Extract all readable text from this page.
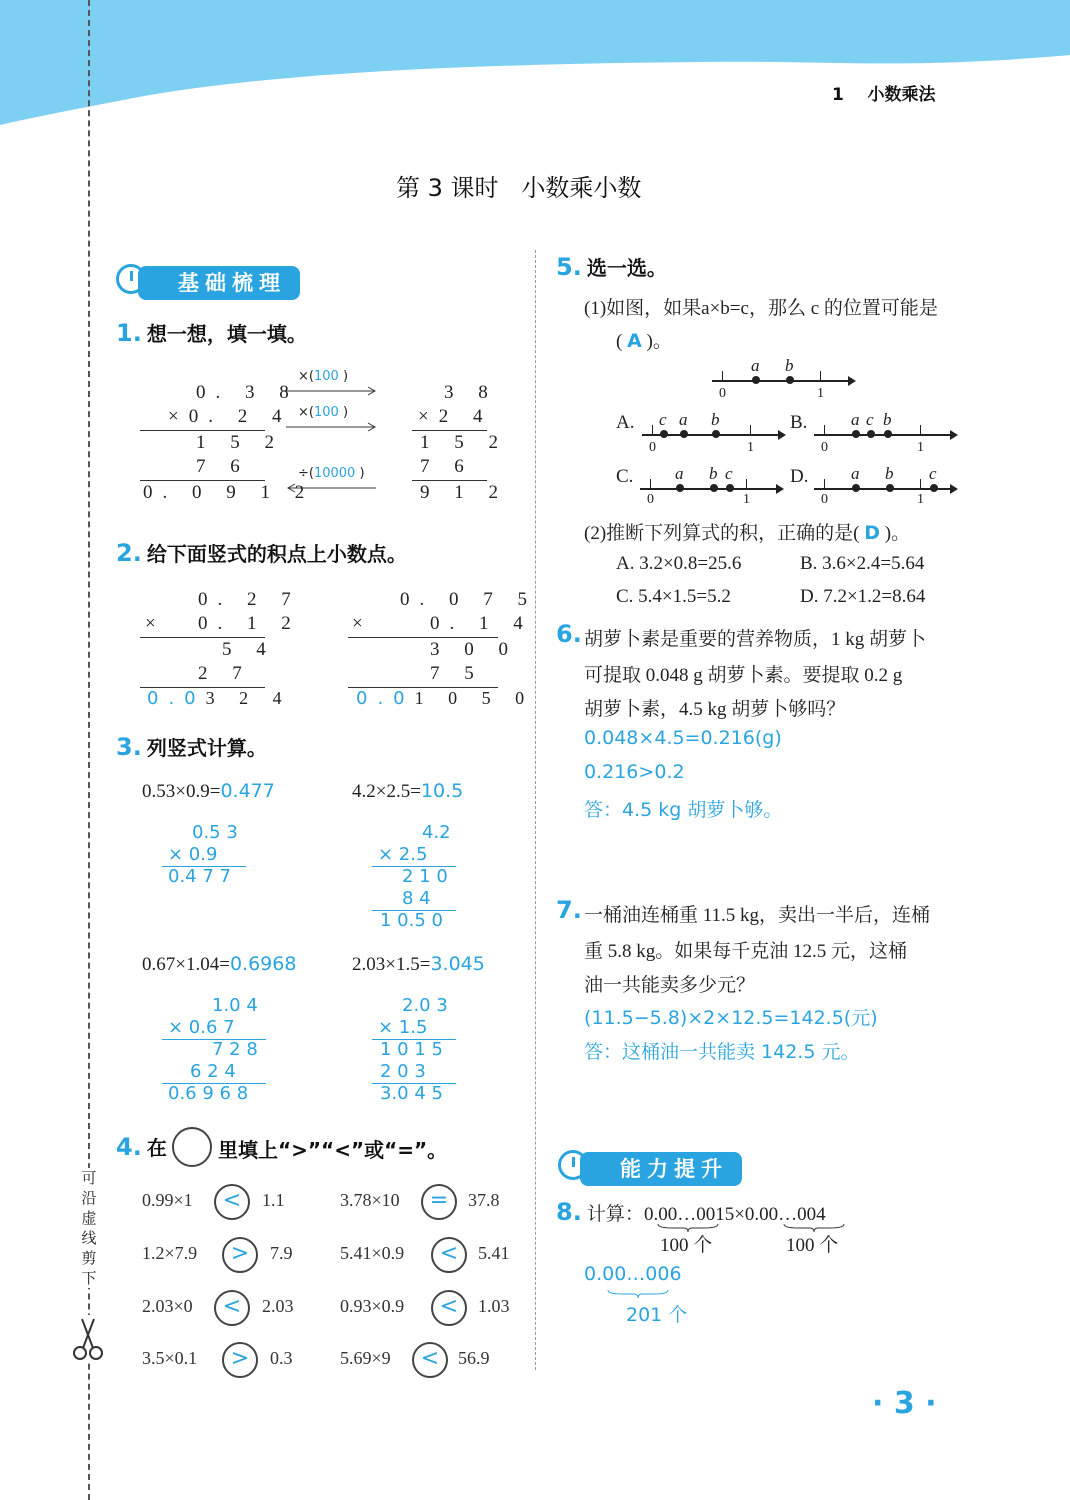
1 小数乘法
可
沿
虚
线
剪
下
第 3 课时 小数乘小数
基础梳理
1. 想一想，填一填。
0. 3 8
×0. 2 4
1 5 2
7 6
0. 0 9 1 2
×(100 )
×(100 )
÷(10000 )
3 8
×2 4
1 5 2
7 6
9 1 2
2. 给下面竖式的积点上小数点。
0. 2 7
× 0. 1 2
5 4
2 7
0.03 2 4
0. 0 7 5
×	0. 1 4
3 0 0
7 5
0.01 0 5 0
3. 列竖式计算。
0.53×0.9=0.477	4.2×2.5=10.5
0.5 3
× 0.9
0.4 7 7
4.2
× 2.5
2 1 0
8 4
1 0.5 0
0.67×1.04=0.6968	2.03×1.5=3.045
1.0 4
× 0.6 7
7 2 8
6 2 4
0.6 9 6 8
2.0 3
× 1.5
1 0 1 5
2 0 3
3.0 4 5
4. 在	里填上“>”“<”或“=”。
0.99×1	<	1.1	3.78×10	=	37.8
1.2×7.9	>	7.9	5.41×0.9	<	5.41
2.03×0	<	2.03	0.93×0.9	<	1.03
3.5×0.1	>	0.3	5.69×9	<	56.9
5. 选一选。
(1)如图，如果a×b=c，那么 c 的位置可能是
( A )。
a b
0	1
A. c a b
0	1
B.	a c b
0	1
C. a b c
0	1
D.	a b c
0	1
(2)推断下列算式的积，正确的是( D )。
A. 3.2×0.8=25.6	B. 3.6×2.4=5.64
C. 5.4×1.5=5.2	D. 7.2×1.2=8.64
6. 胡萝卜素是重要的营养物质，1 kg 胡萝卜
可提取 0.048 g 胡萝卜素。要提取 0.2 g
胡萝卜素，4.5 kg 胡萝卜够吗？
0.048×4.5=0.216(g)
0.216>0.2
答：4.5 kg 胡萝卜够。
7. 一桶油连桶重 11.5 kg，卖出一半后，连桶
重 5.8 kg。如果每千克油 12.5 元，这桶
油一共能卖多少元？
(11.5−5.8)×2×12.5=142.5(元)
答：这桶油一共能卖 142.5 元。
能力提升
8. 计算：0.00…0015×0.00…004
100 个	100 个
0.00…006
201 个
· 3 ·
